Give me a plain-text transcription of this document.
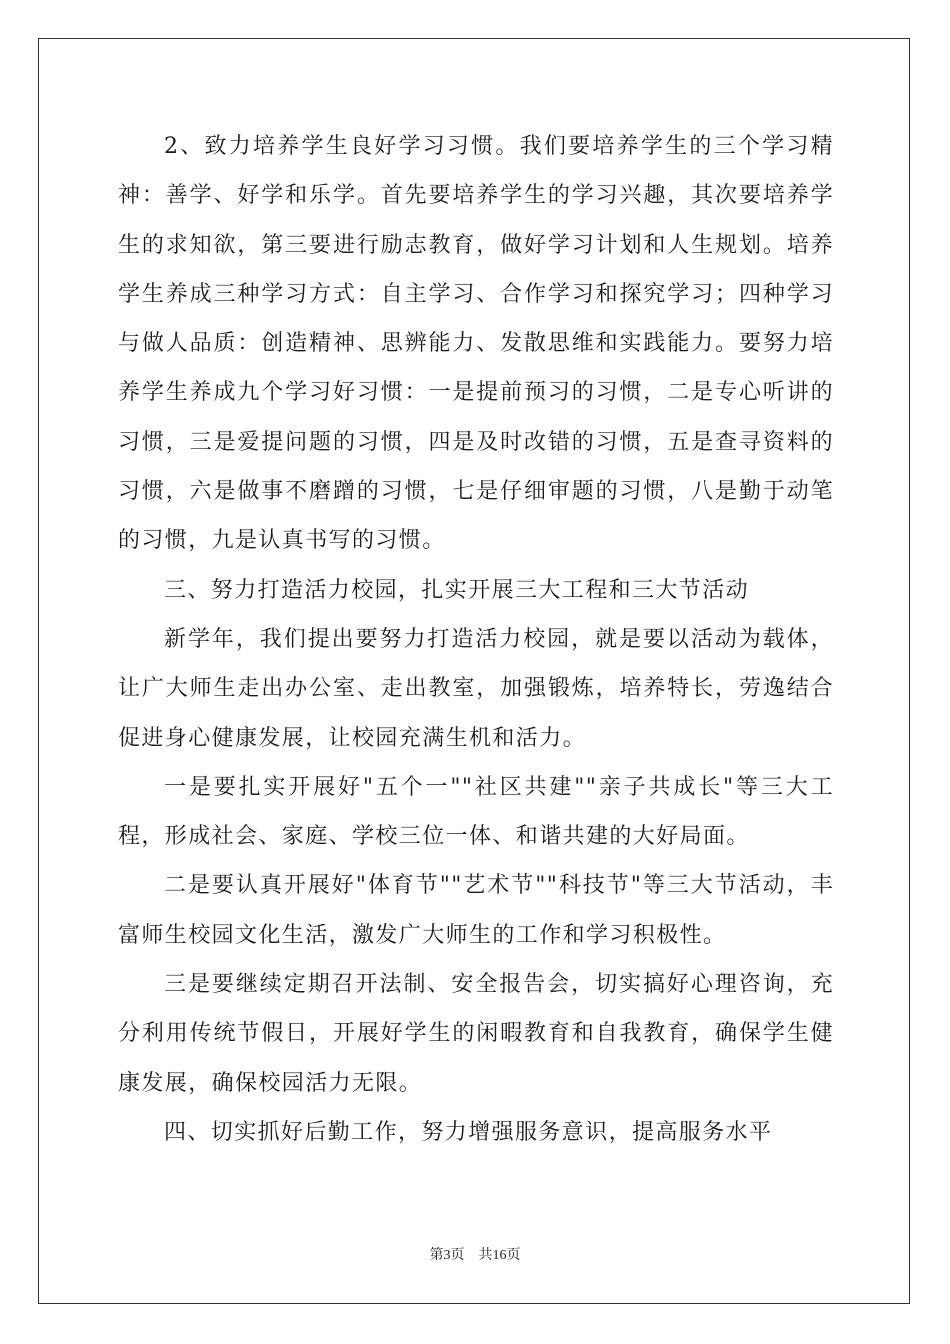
2、致力培养学生良好学习习惯。我们要培养学生的三个学习精神：善学、好学和乐学。首先要培养学生的学习兴趣，其次要培养学生的求知欲，第三要进行励志教育，做好学习计划和人生规划。培养学生养成三种学习方式：自主学习、合作学习和探究学习；四种学习与做人品质：创造精神、思辨能力、发散思维和实践能力。要努力培养学生养成九个学习好习惯：一是提前预习的习惯，二是专心听讲的习惯，三是爱提问题的习惯，四是及时改错的习惯，五是查寻资料的习惯，六是做事不磨蹭的习惯，七是仔细审题的习惯，八是勤于动笔的习惯，九是认真书写的习惯。

三、努力打造活力校园，扎实开展三大工程和三大节活动

新学年，我们提出要努力打造活力校园，就是要以活动为载体，让广大师生走出办公室、走出教室，加强锻炼，培养特长，劳逸结合促进身心健康发展，让校园充满生机和活力。

一是要扎实开展好"五个一""社区共建""亲子共成长"等三大工程，形成社会、家庭、学校三位一体、和谐共建的大好局面。

二是要认真开展好"体育节""艺术节""科技节"等三大节活动，丰富师生校园文化生活，激发广大师生的工作和学习积极性。

三是要继续定期召开法制、安全报告会，切实搞好心理咨询，充分利用传统节假日，开展好学生的闲暇教育和自我教育，确保学生健康发展，确保校园活力无限。

四、切实抓好后勤工作，努力增强服务意识，提高服务水平

第3页　共16页
